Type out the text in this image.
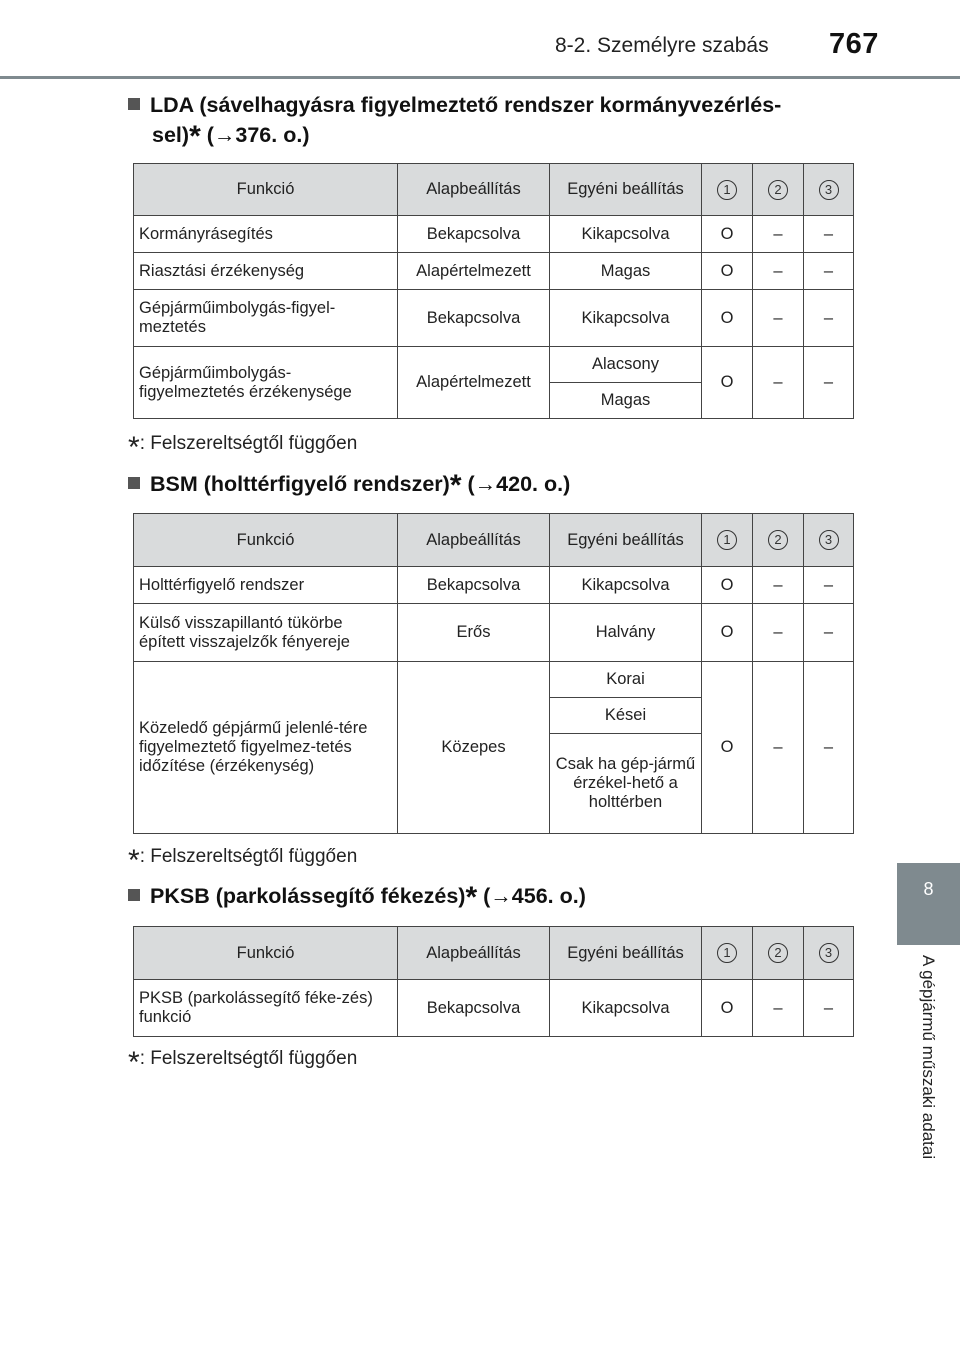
8-2. Személyre szabás 767
8
A gépjármű műszaki adatai
LDA (sávelhagyásra figyelmeztető rendszer kormányvezérlés-
sel)* (→376. o.)
Funkció	Alapbeállítás	Egyéni beállítás	1	2	3
Kormányrásegítés	Bekapcsolva	Kikapcsolva	O	–	–
Riasztási érzékenység	Alapértelmezett	Magas	O	–	–
Gépjárműimbolygás-figyel-meztetés	Bekapcsolva	Kikapcsolva	O	–	–
Gépjárműimbolygás-figyelmeztetés érzékenysége	Alapértelmezett	Alacsony	O	–	–
		Magas			
*: Felszereltségtől függően
BSM (holttérfigyelő rendszer)* (→420. o.)
Funkció	Alapbeállítás	Egyéni beállítás	1	2	3
Holttérfigyelő rendszer	Bekapcsolva	Kikapcsolva	O	–	–
Külső visszapillantó tükörbe épített visszajelzők fényereje	Erős	Halvány	O	–	–
Közeledő gépjármű jelenlé-tére figyelmeztető figyelmez-tetés időzítése (érzékenység)	Közepes	Korai	O	–	–
		Kései			
		Csak ha gép-jármű érzékel-hető a holttérben			
*: Felszereltségtől függően
PKSB (parkolássegítő fékezés)* (→456. o.)
Funkció	Alapbeállítás	Egyéni beállítás	1	2	3
PKSB (parkolássegítő féke-zés) funkció	Bekapcsolva	Kikapcsolva	O	–	–
*: Felszereltségtől függően
